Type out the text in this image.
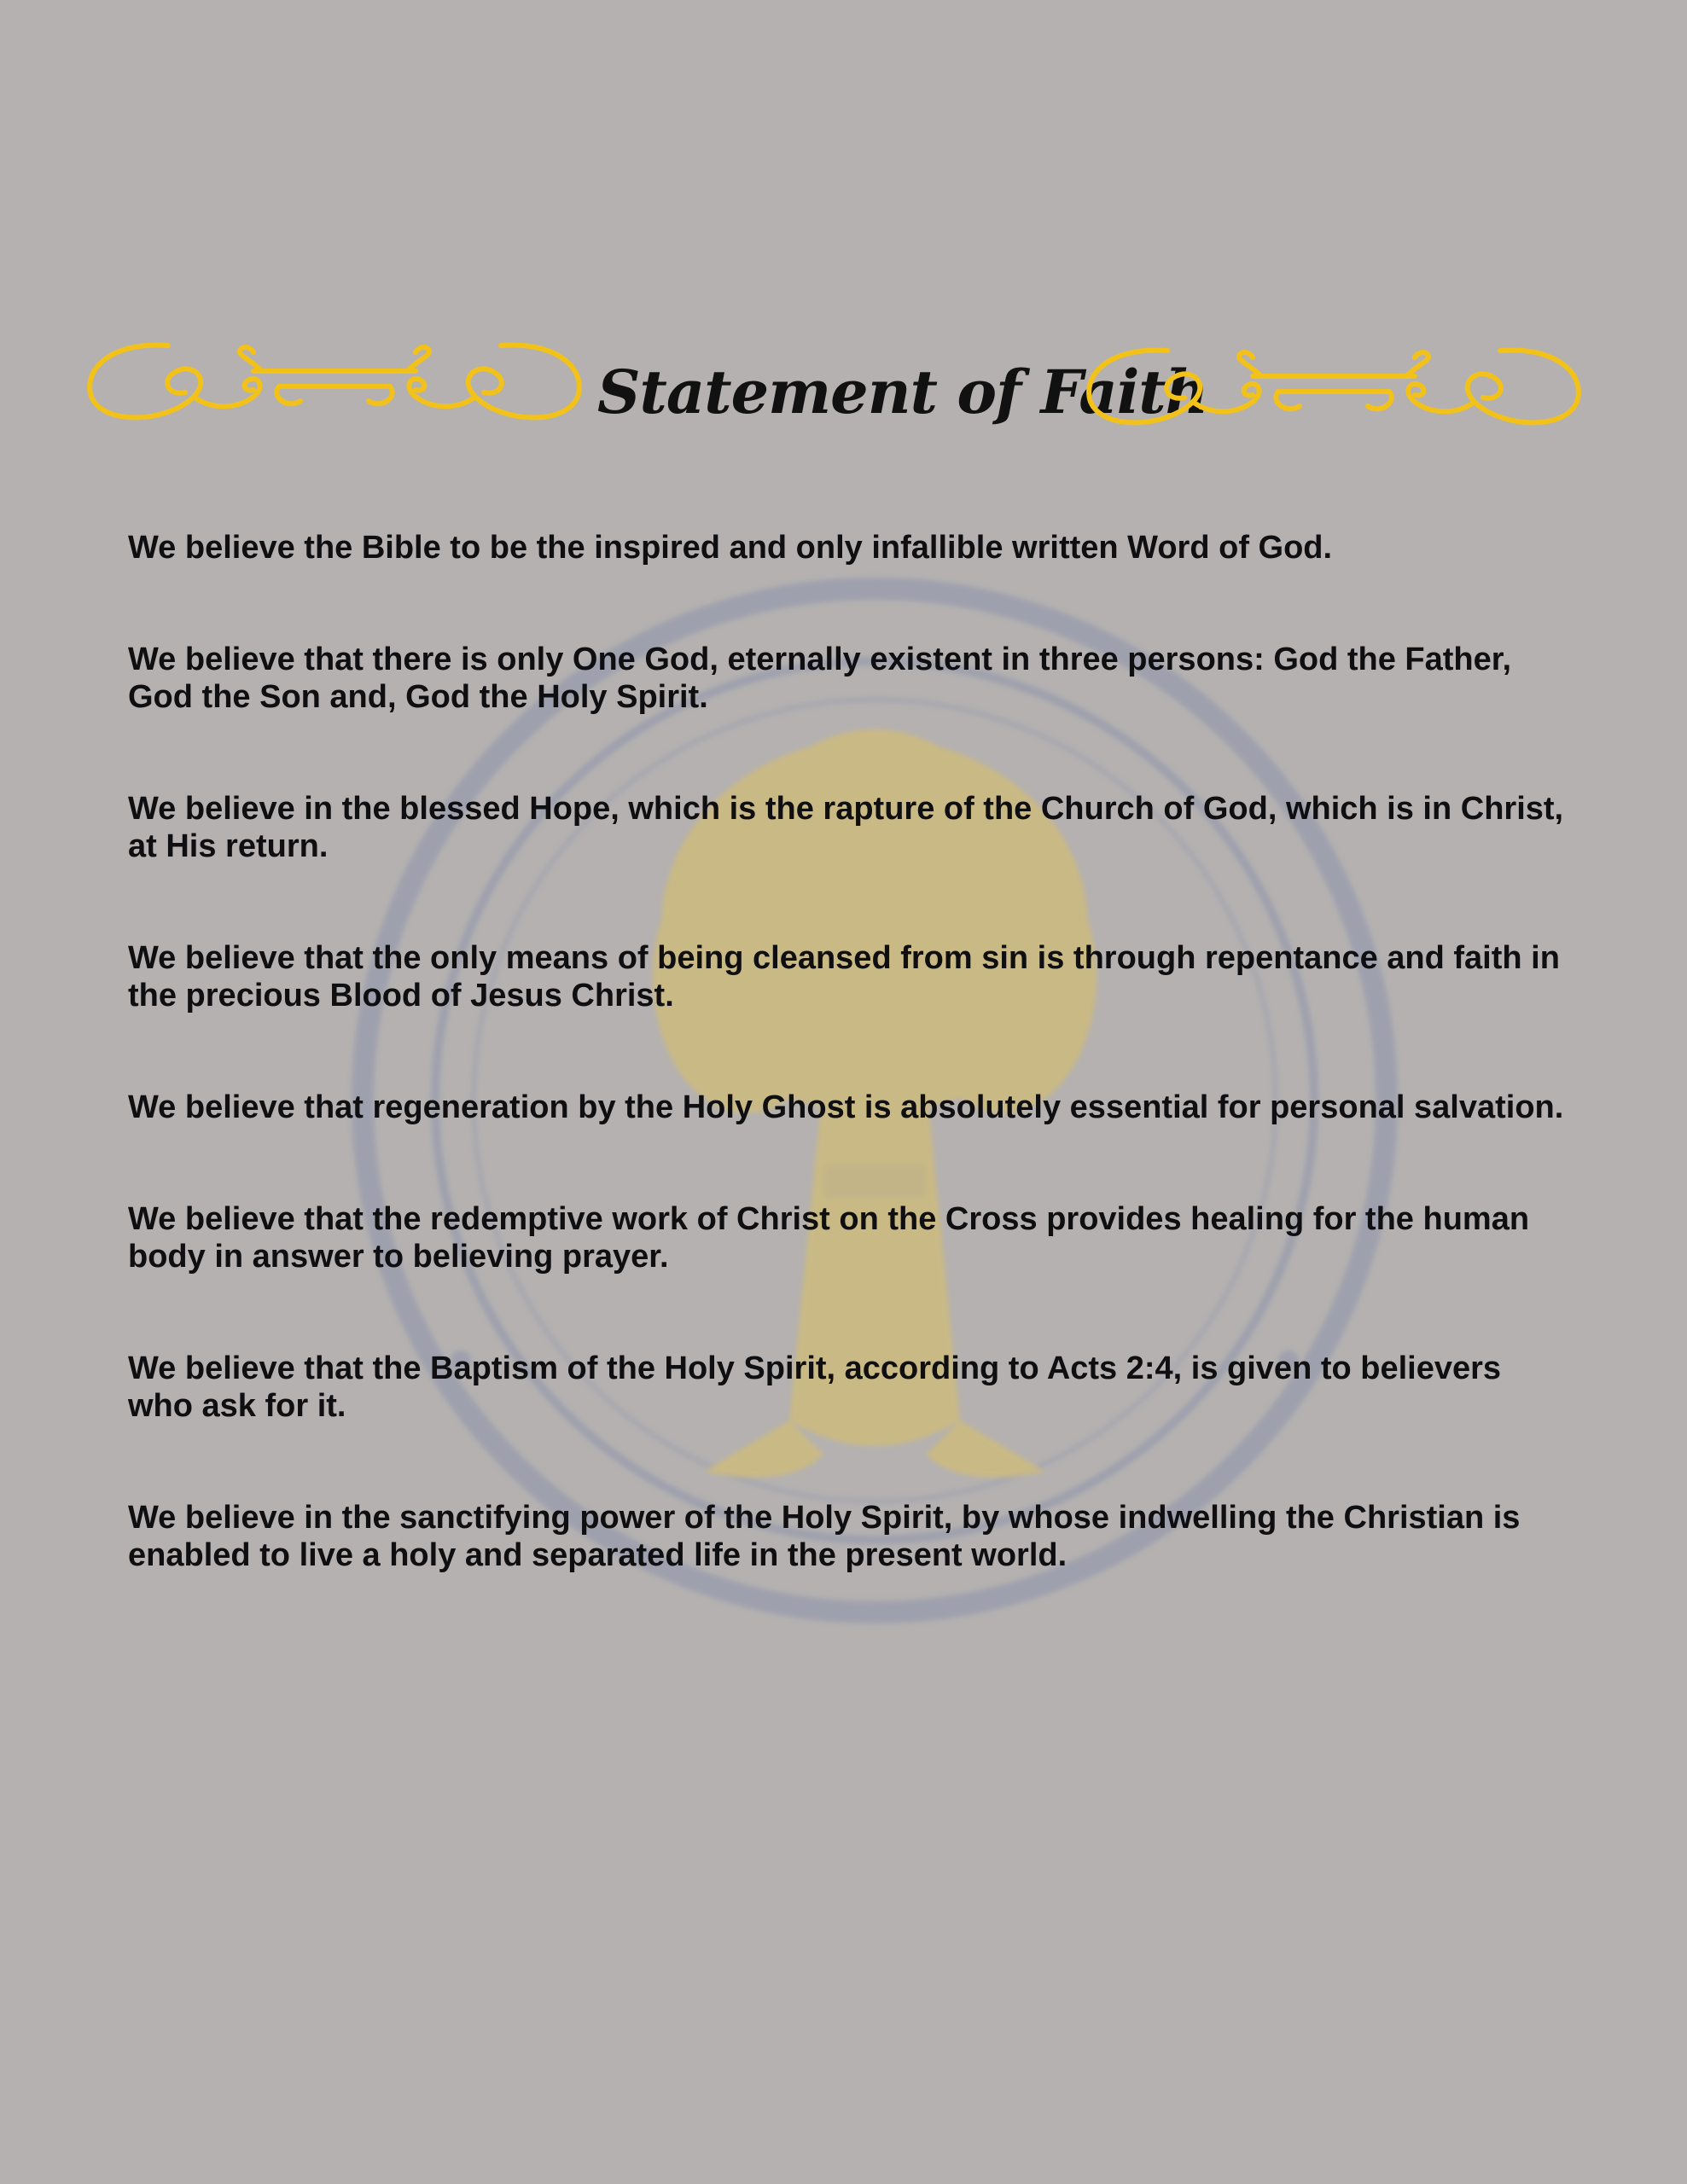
Statement of Faith
We believe the Bible to be the inspired and only infallible written Word of God.
We believe that there is only One God, eternally existent in three persons: God the Father, God the Son and, God the Holy Spirit.
We believe in the blessed Hope, which is the rapture of the Church of God, which is in Christ, at His return.
We believe that the only means of being cleansed from sin is through repentance and faith in the precious Blood of Jesus Christ.
We believe that regeneration by the Holy Ghost is absolutely essential for personal salvation.
We believe that the redemptive work of Christ on the Cross provides healing for the human body in answer to believing prayer.
We believe that the Baptism of the Holy Spirit, according to Acts 2:4, is given to believers who ask for it.
We believe in the sanctifying power of the Holy Spirit, by whose indwelling the Christian is enabled to live a holy and separated life in the present world.
